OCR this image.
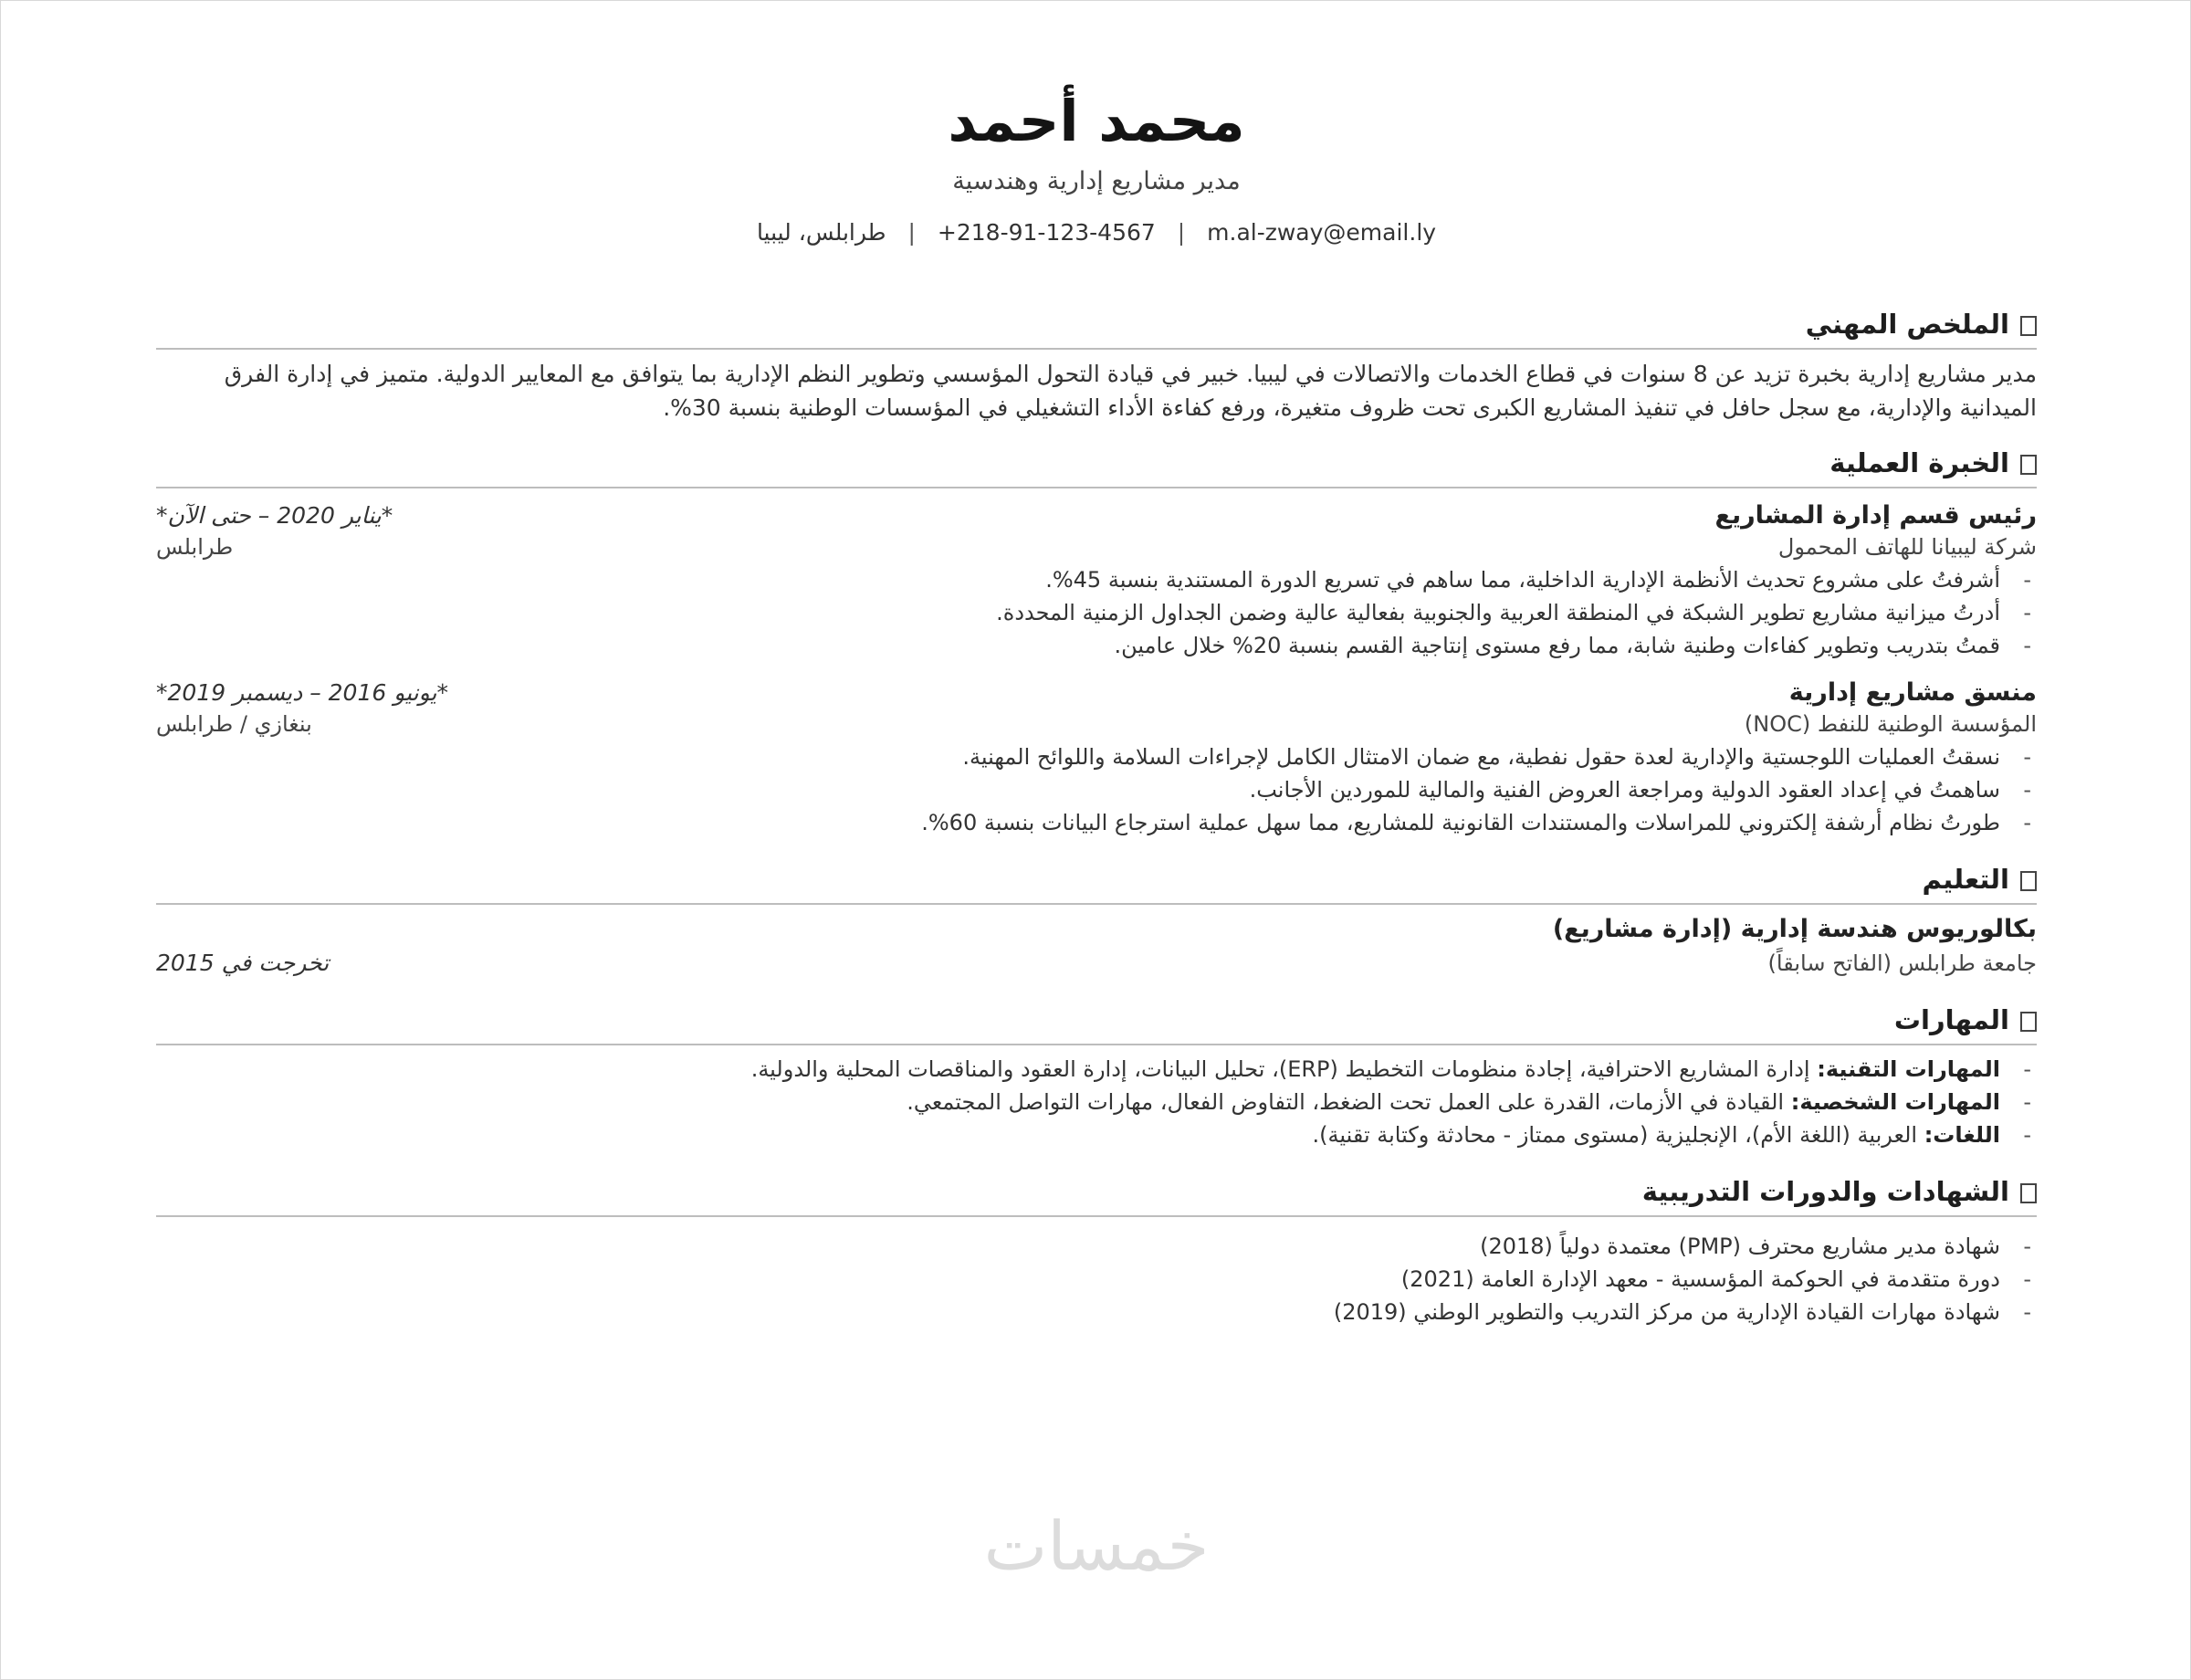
محمد أحمد
مدير مشاريع إدارية وهندسية
+218-91-123-4567 | m.al-zway@email.ly | طرابلس، ليبيا
الملخص المهني
مدير مشاريع إدارية بخبرة تزيد عن 8 سنوات في قطاع الخدمات والاتصالات في ليبيا. خبير في قيادة التحول المؤسسي وتطوير النظم الإدارية بما يتوافق مع المعايير الدولية. متميز في إدارة الفرق الميدانية والإدارية، مع سجل حافل في تنفيذ المشاريع الكبرى تحت ظروف متغيرة، ورفع كفاءة الأداء التشغيلي في المؤسسات الوطنية بنسبة 30%.
الخبرة العملية
رئيس قسم إدارة المشاريع
*يناير 2020 – حتى الآن*
شركة ليبيانا للهاتف المحمول
طرابلس
-
أشرفتُ على مشروع تحديث الأنظمة الإدارية الداخلية، مما ساهم في تسريع الدورة المستندية بنسبة 45%.
-
أدرتُ ميزانية مشاريع تطوير الشبكة في المنطقة العربية والجنوبية بفعالية عالية وضمن الجداول الزمنية المحددة.
-
قمتُ بتدريب وتطوير كفاءات وطنية شابة، مما رفع مستوى إنتاجية القسم بنسبة 20% خلال عامين.
منسق مشاريع إدارية
*يونيو 2016 – ديسمبر 2019*
المؤسسة الوطنية للنفط (NOC)
بنغازي / طرابلس
-
نسقتُ العمليات اللوجستية والإدارية لعدة حقول نفطية، مع ضمان الامتثال الكامل لإجراءات السلامة واللوائح المهنية.
-
ساهمتُ في إعداد العقود الدولية ومراجعة العروض الفنية والمالية للموردين الأجانب.
-
طورتُ نظام أرشفة إلكتروني للمراسلات والمستندات القانونية للمشاريع، مما سهل عملية استرجاع البيانات بنسبة 60%.
التعليم
بكالوريوس هندسة إدارية (إدارة مشاريع)
جامعة طرابلس (الفاتح سابقاً)
تخرجت في 2015
المهارات
-
المهارات التقنية: إدارة المشاريع الاحترافية، إجادة منظومات التخطيط (ERP)، تحليل البيانات، إدارة العقود والمناقصات المحلية والدولية.
-
المهارات الشخصية: القيادة في الأزمات، القدرة على العمل تحت الضغط، التفاوض الفعال، مهارات التواصل المجتمعي.
-
اللغات: العربية (اللغة الأم)، الإنجليزية (مستوى ممتاز - محادثة وكتابة تقنية).
الشهادات والدورات التدريبية
-
شهادة مدير مشاريع محترف (PMP) معتمدة دولياً (2018)
-
دورة متقدمة في الحوكمة المؤسسية - معهد الإدارة العامة (2021)
-
شهادة مهارات القيادة الإدارية من مركز التدريب والتطوير الوطني (2019)
خمسات
